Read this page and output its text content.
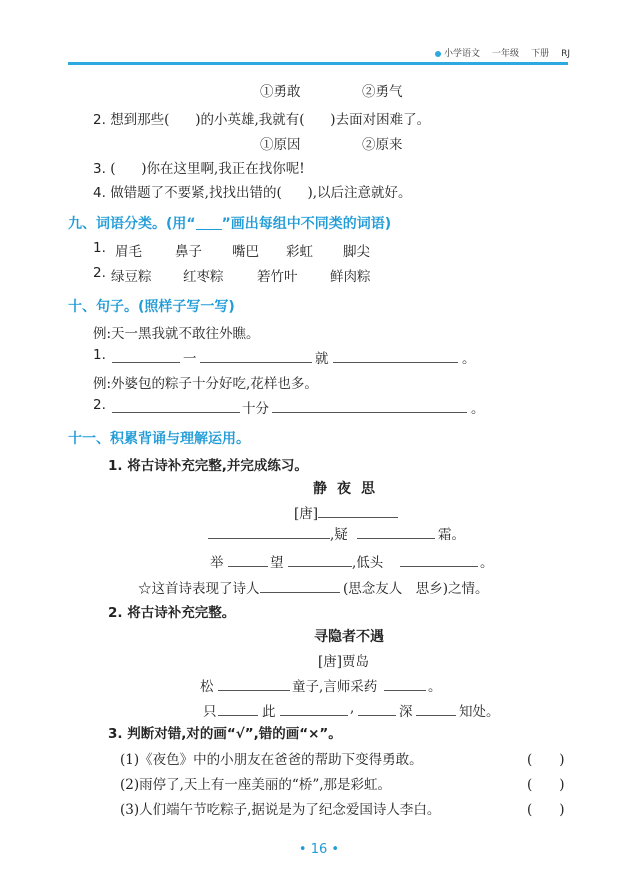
小学语文 一年级 下册 RJ
①勇敢	②勇气
2. 想到那些( )的小英雄,我就有( )去面对困难了。
①原因	②原来
3. ( )你在这里啊,我正在找你呢!
4. 做错题了不要紧,找找出错的( ),以后注意就好。
九、词语分类。(用“ ”画出每组中不同类的词语)
1. 眉毛 鼻子 嘴巴 彩虹 脚尖
2. 绿豆粽 红枣粽 箬竹叶 鲜肉粽
十、句子。(照样子写一写)
例:天一黑我就不敢往外瞧。
1.	一	就	。
例:外婆包的粽子十分好吃,花样也多。
2.	十分	。
十一、积累背诵与理解运用。
1. 将古诗补充完整,并完成练习。
静夜思
[唐]
,疑	霜。
举	望	,低头	。
☆这首诗表现了诗人	(思念友人　思乡)之情。
2. 将古诗补充完整。
寻隐者不遇
[唐]贾岛
松	童子,言师采药	。
只	此	,	深	知处。
3. 判断对错,对的画“√”,错的画“×”。
(1)《夜色》中的小朋友在爸爸的帮助下变得勇敢。	(　　)
(2)雨停了,天上有一座美丽的“桥”,那是彩虹。	(　　)
(3)人们端午节吃粽子,据说是为了纪念爱国诗人李白。	(　　)
• 16 •
